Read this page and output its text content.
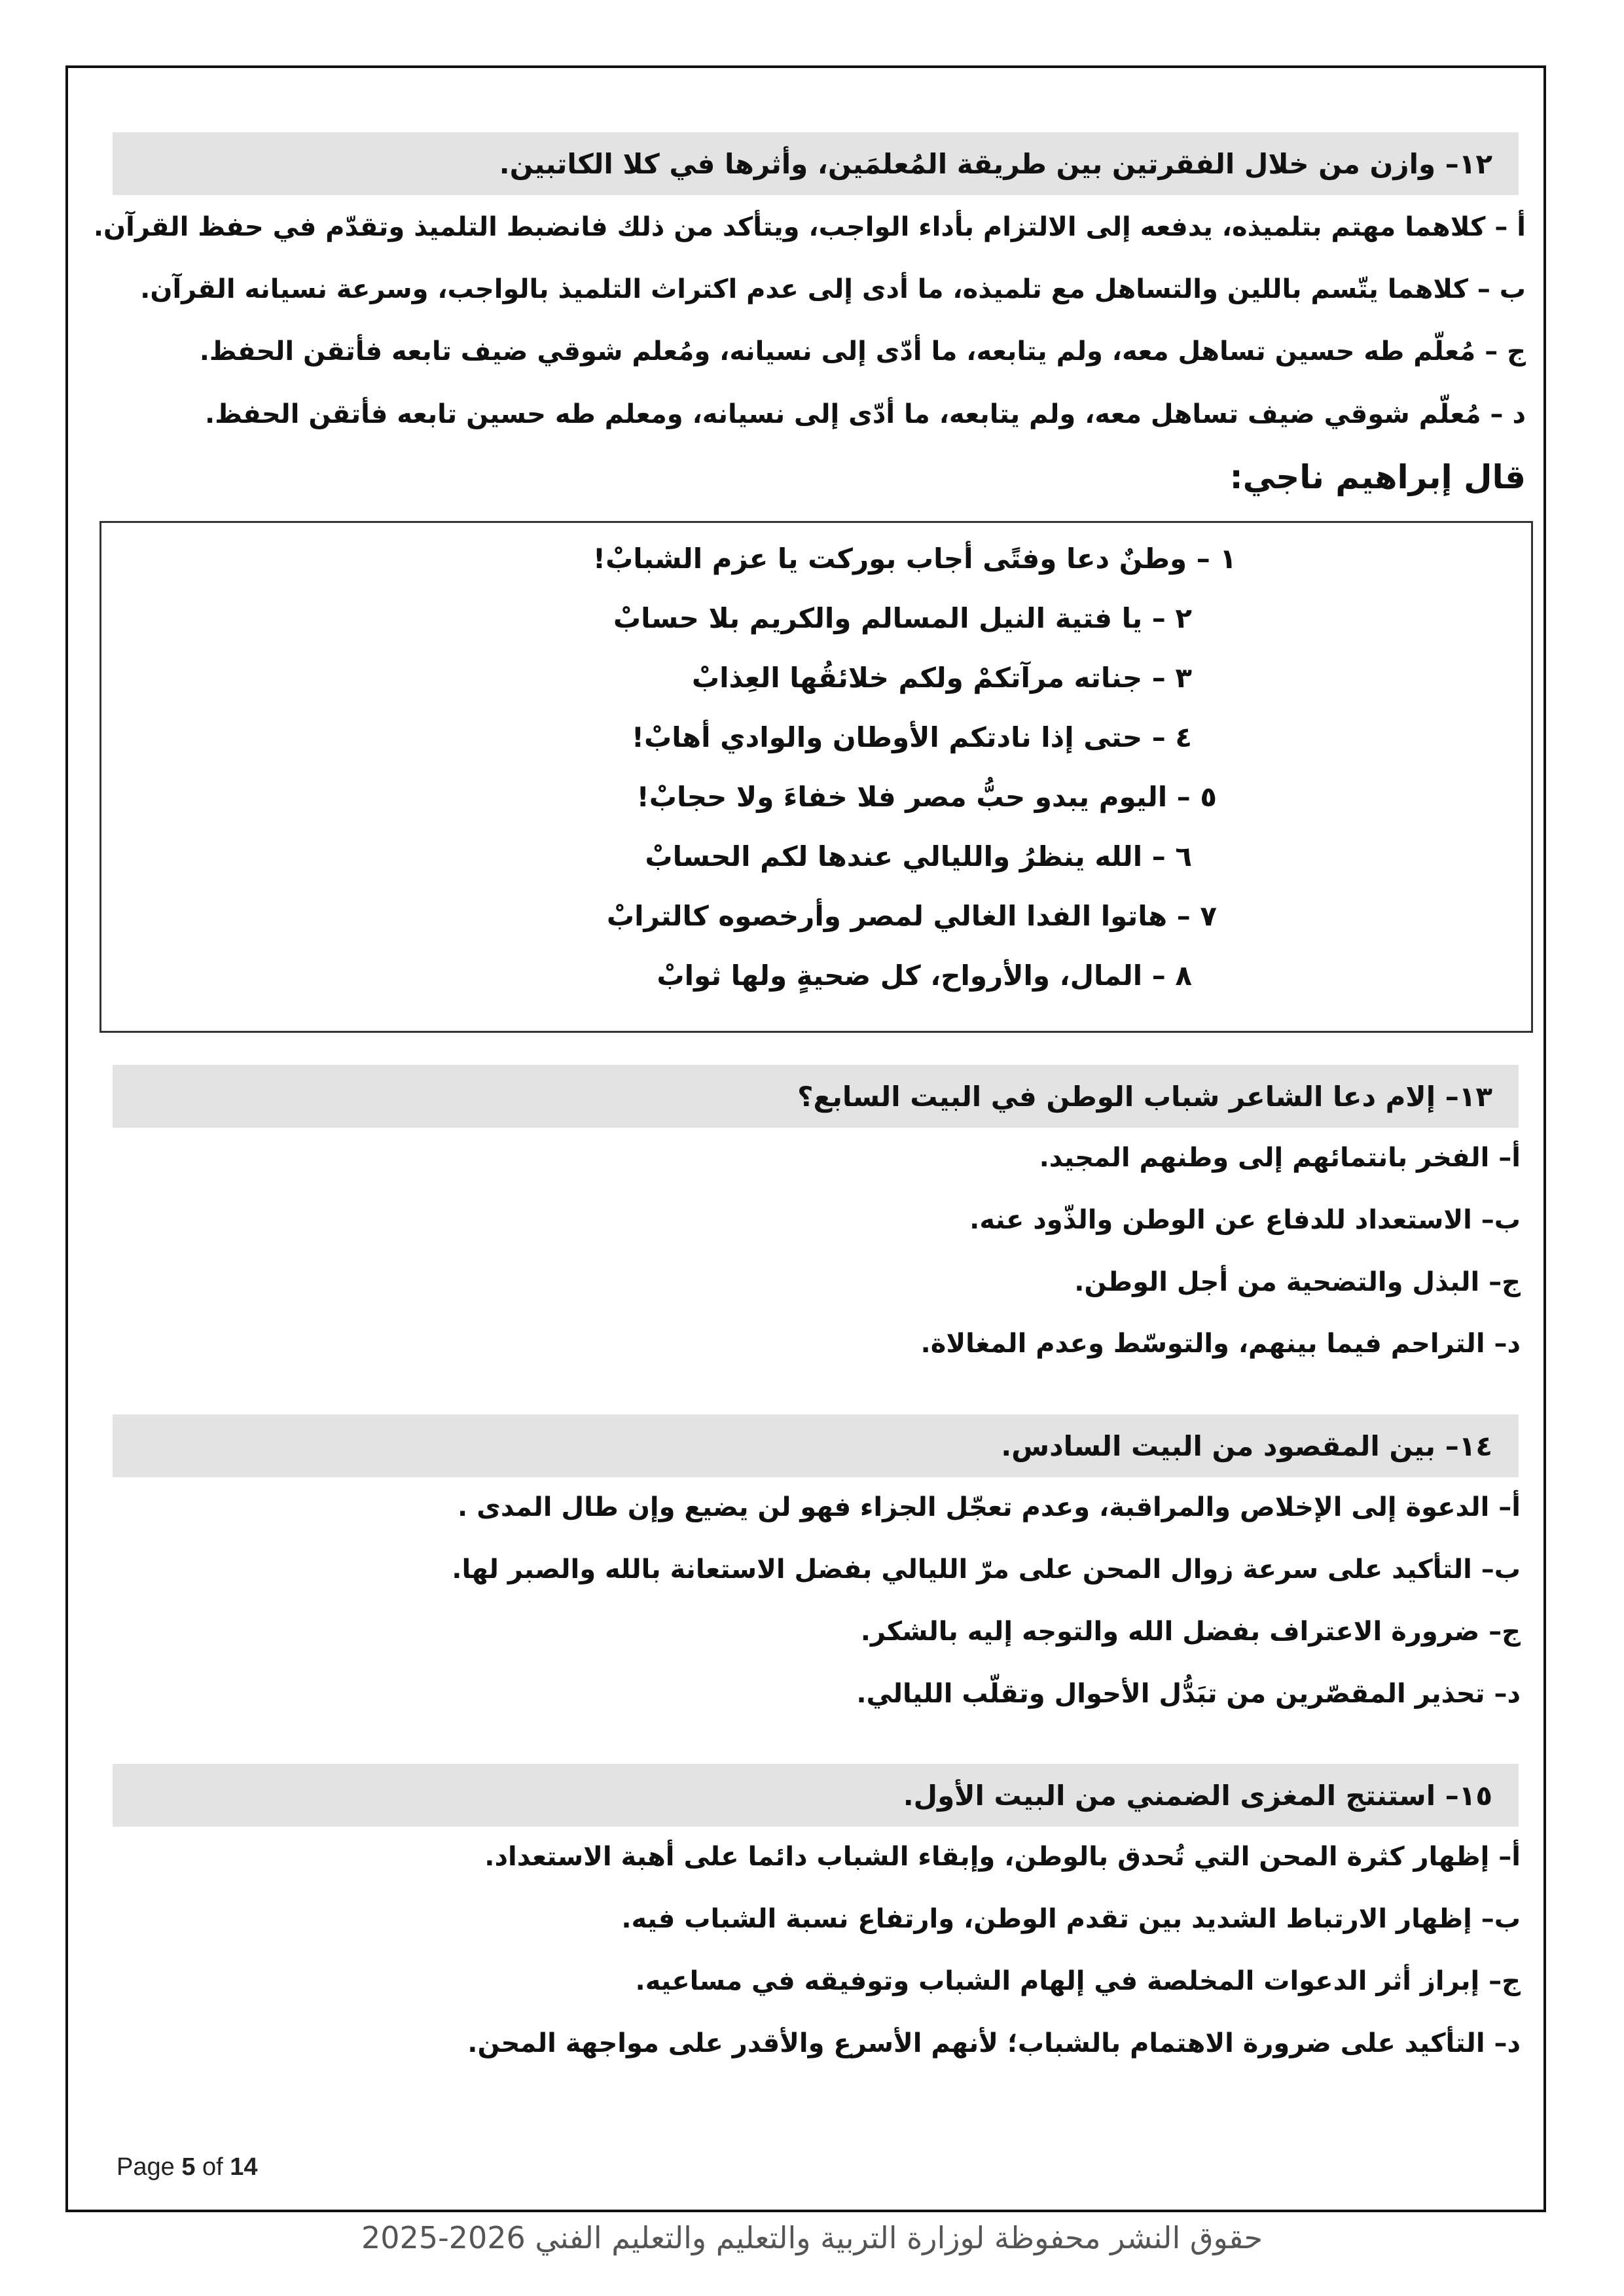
١٢– وازن من خلال الفقرتين بين طريقة المُعلمَين، وأثرها في كلا الكاتبين.
أ – كلاهما مهتم بتلميذه، يدفعه إلى الالتزام بأداء الواجب، ويتأكد من ذلك فانضبط التلميذ وتقدّم في حفظ القرآن.
ب – كلاهما يتّسم باللين والتساهل مع تلميذه، ما أدى إلى عدم اكتراث التلميذ بالواجب، وسرعة نسيانه القرآن.
ج – مُعلّم طه حسين تساهل معه، ولم يتابعه، ما أدّى إلى نسيانه، ومُعلم شوقي ضيف تابعه فأتقن الحفظ.
د – مُعلّم شوقي ضيف تساهل معه، ولم يتابعه، ما أدّى إلى نسيانه، ومعلم طه حسين تابعه فأتقن الحفظ.
قال إبراهيم ناجي:
١ – وطنٌ دعا وفتًى أجاب بوركت يا عزم الشبابْ!
٢ – يا فتية النيل المسالم والكريم بلا حسابْ
٣ – جناته مرآتكمْ ولكم خلائقُها العِذابْ
٤ – حتى إذا نادتكم الأوطان والوادي أهابْ!
٥ – اليوم يبدو حبُّ مصر فلا خفاءَ ولا حجابْ!
٦ – الله ينظرُ والليالي عندها لكم الحسابْ
٧ – هاتوا الفدا الغالي لمصر وأرخصوه كالترابْ
٨ – المال، والأرواح، كل ضحيةٍ ولها ثوابْ
١٣– إلام دعا الشاعر شباب الوطن في البيت السابع؟
أ– الفخر بانتمائهم إلى وطنهم المجيد.
ب– الاستعداد للدفاع عن الوطن والذّود عنه.
ج– البذل والتضحية من أجل الوطن.
د– التراحم فيما بينهم، والتوسّط وعدم المغالاة.
١٤– بين المقصود من البيت السادس.
أ– الدعوة إلى الإخلاص والمراقبة، وعدم تعجّل الجزاء فهو لن يضيع وإن طال المدى .
ب– التأكيد على سرعة زوال المحن على مرّ الليالي بفضل الاستعانة بالله والصبر لها.
ج– ضرورة الاعتراف بفضل الله والتوجه إليه بالشكر.
د– تحذير المقصّرين من تبَدُّل الأحوال وتقلّب الليالي.
١٥– استنتج المغزى الضمني من البيت الأول.
أ– إظهار كثرة المحن التي تُحدق بالوطن، وإبقاء الشباب دائما على أهبة الاستعداد.
ب– إظهار الارتباط الشديد بين تقدم الوطن، وارتفاع نسبة الشباب فيه.
ج– إبراز أثر الدعوات المخلصة في إلهام الشباب وتوفيقه في مساعيه.
د– التأكيد على ضرورة الاهتمام بالشباب؛ لأنهم الأسرع والأقدر على مواجهة المحن.
Page 5 of 14
حقوق النشر محفوظة لوزارة التربية والتعليم والتعليم الفني 2026-2025
